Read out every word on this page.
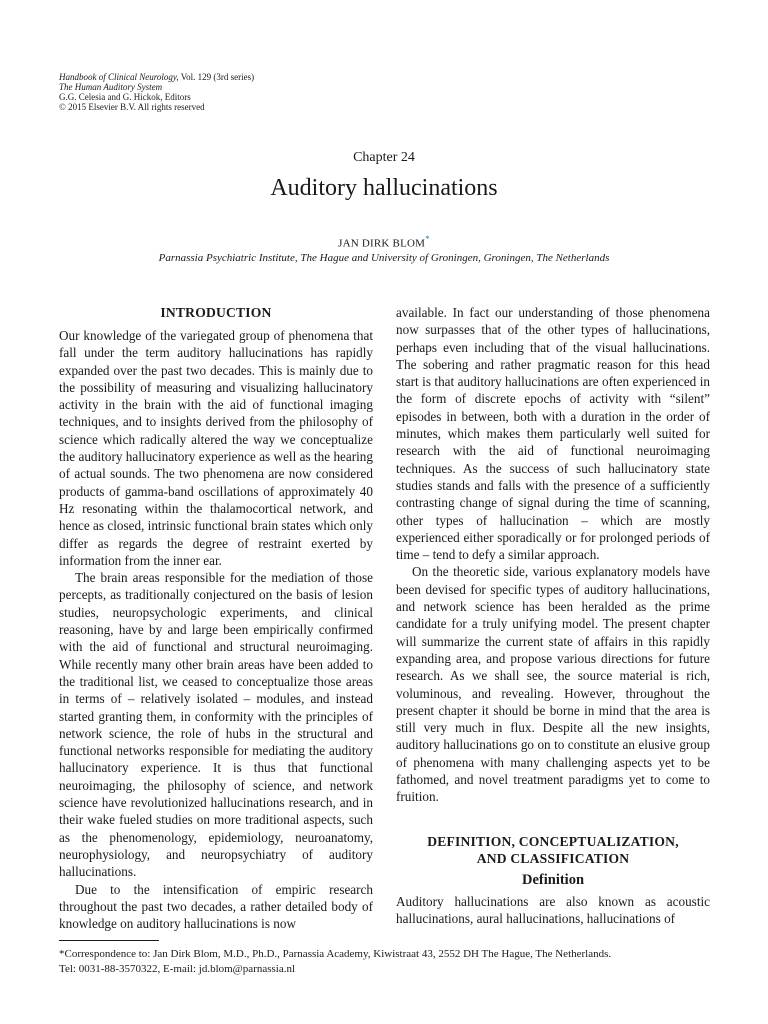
Handbook of Clinical Neurology, Vol. 129 (3rd series)
The Human Auditory System
G.G. Celesia and G. Hickok, Editors
© 2015 Elsevier B.V. All rights reserved
Chapter 24
Auditory hallucinations
JAN DIRK BLOM*
Parnassia Psychiatric Institute, The Hague and University of Groningen, Groningen, The Netherlands
INTRODUCTION

Our knowledge of the variegated group of phenomena that fall under the term auditory hallucinations has rapidly expanded over the past two decades. This is mainly due to the possibility of measuring and visualizing hallucinatory activity in the brain with the aid of functional imaging techniques, and to insights derived from the philosophy of science which radically altered the way we conceptualize the auditory hallucinatory experience as well as the hearing of actual sounds. The two phenomena are now considered products of gamma-band oscillations of approximately 40 Hz resonating within the thalamocortical network, and hence as closed, intrinsic functional brain states which only differ as regards the degree of restraint exerted by information from the inner ear.

The brain areas responsible for the mediation of those percepts, as traditionally conjectured on the basis of lesion studies, neuropsychologic experiments, and clinical reasoning, have by and large been empirically confirmed with the aid of functional and structural neuroimaging. While recently many other brain areas have been added to the traditional list, we ceased to conceptualize those areas in terms of – relatively isolated – modules, and instead started granting them, in conformity with the principles of network science, the role of hubs in the structural and functional networks responsible for mediating the auditory hallucinatory experience. It is thus that functional neuroimaging, the philosophy of science, and network science have revolutionized hallucinations research, and in their wake fueled studies on more traditional aspects, such as the phenomenology, epidemiology, neuroanatomy, neurophysiology, and neuropsychiatry of auditory hallucinations.

Due to the intensification of empiric research throughout the past two decades, a rather detailed body of knowledge on auditory hallucinations is now

available. In fact our understanding of those phenomena now surpasses that of the other types of hallucinations, perhaps even including that of the visual hallucinations. The sobering and rather pragmatic reason for this head start is that auditory hallucinations are often experienced in the form of discrete epochs of activity with “silent” episodes in between, both with a duration in the order of minutes, which makes them particularly well suited for research with the aid of functional neuroimaging techniques. As the success of such hallucinatory state studies stands and falls with the presence of a sufficiently contrasting change of signal during the time of scanning, other types of hallucination – which are mostly experienced either sporadically or for prolonged periods of time – tend to defy a similar approach.

On the theoretic side, various explanatory models have been devised for specific types of auditory hallucinations, and network science has been heralded as the prime candidate for a truly unifying model. The present chapter will summarize the current state of affairs in this rapidly expanding area, and propose various directions for future research. As we shall see, the source material is rich, voluminous, and revealing. However, throughout the present chapter it should be borne in mind that the area is still very much in flux. Despite all the new insights, auditory hallucinations go on to constitute an elusive group of phenomena with many challenging aspects yet to be fathomed, and novel treatment paradigms yet to come to fruition.

DEFINITION, CONCEPTUALIZATION,
AND CLASSIFICATION
Definition

Auditory hallucinations are also known as acoustic hallucinations, aural hallucinations, hallucinations of

*Correspondence to: Jan Dirk Blom, M.D., Ph.D., Parnassia Academy, Kiwistraat 43, 2552 DH The Hague, The Netherlands.
Tel: 0031-88-3570322, E-mail: jd.blom@parnassia.nl
